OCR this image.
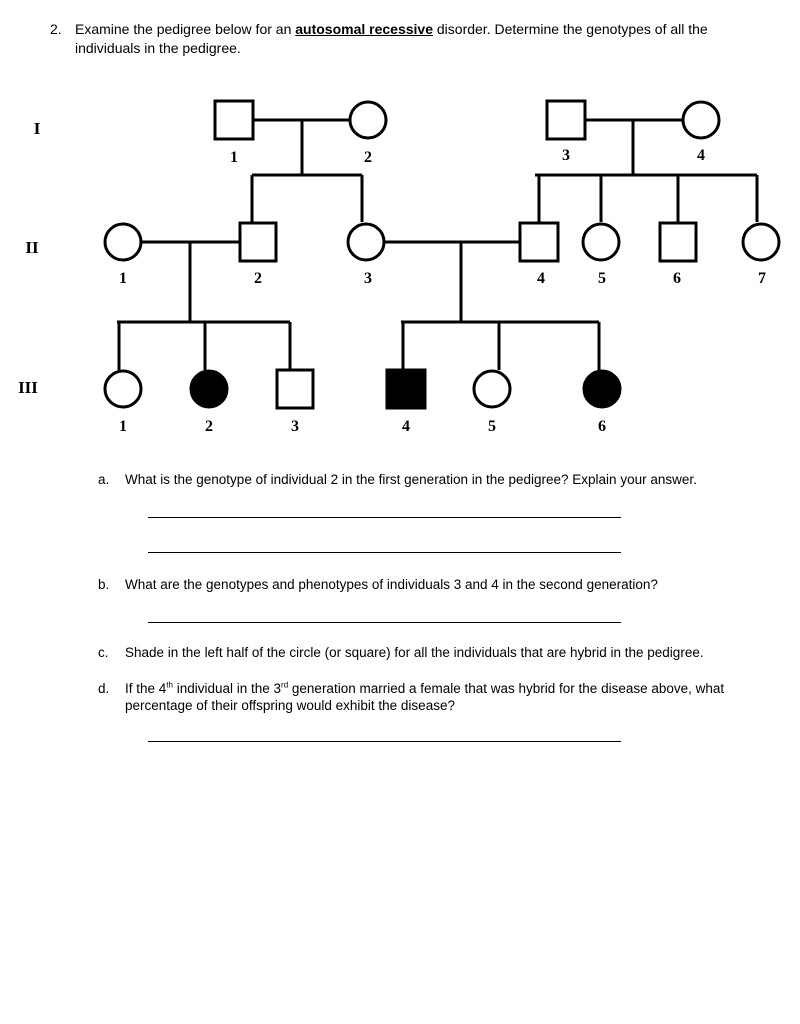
2. Examine the pedigree below for an autosomal recessive disorder. Determine the genotypes of all the individuals in the pedigree.
I
II
III
1	2	3	4
1	2	3	4	5	6	7
1	2	3	4	5	6
a. What is the genotype of individual 2 in the first generation in the pedigree? Explain your answer.
b. What are the genotypes and phenotypes of individuals 3 and 4 in the second generation?
c. Shade in the left half of the circle (or square) for all the individuals that are hybrid in the pedigree.
d. If the 4th individual in the 3rd generation married a female that was hybrid for the disease above, what percentage of their offspring would exhibit the disease?
